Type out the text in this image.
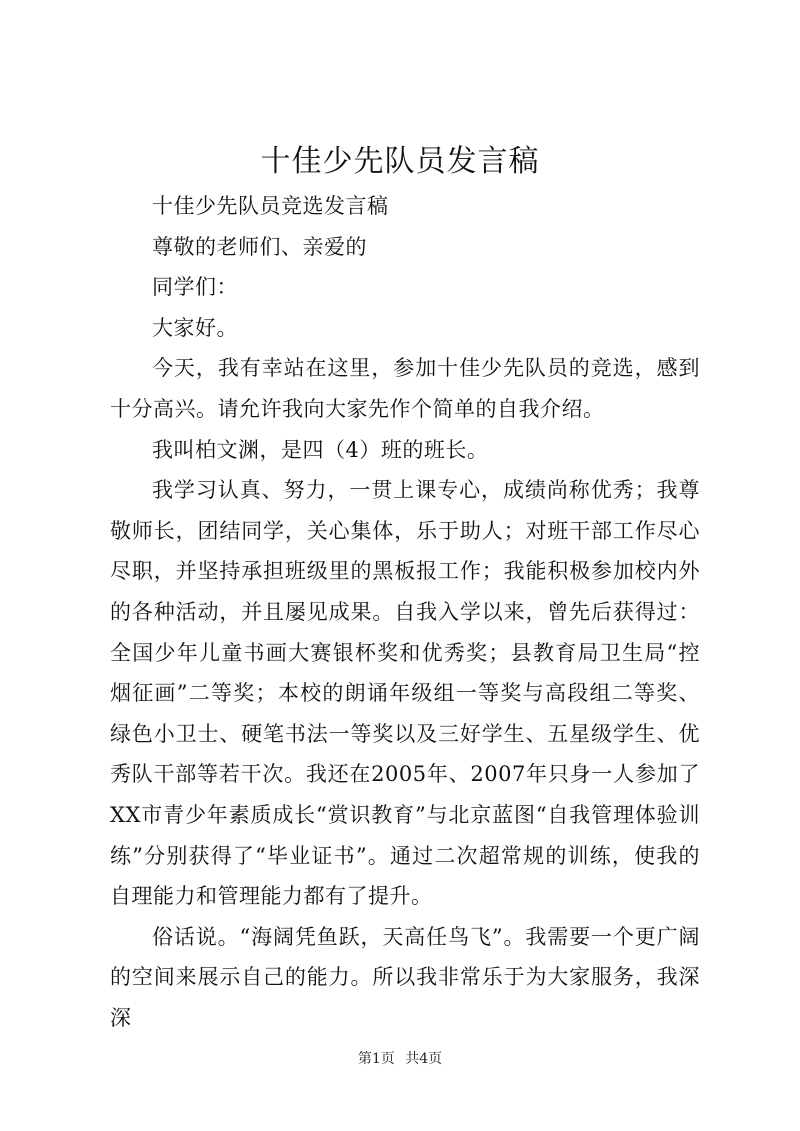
十佳少先队员发言稿

十佳少先队员竞选发言稿

尊敬的老师们、亲爱的

同学们：

大家好。

今天，我有幸站在这里，参加十佳少先队员的竞选，感到十分高兴。请允许我向大家先作个简单的自我介绍。

我叫柏文渊，是四（4）班的班长。

我学习认真、努力，一贯上课专心，成绩尚称优秀；我尊敬师长，团结同学，关心集体，乐于助人；对班干部工作尽心尽职，并坚持承担班级里的黑板报工作；我能积极参加校内外的各种活动，并且屡见成果。自我入学以来，曾先后获得过：全国少年儿童书画大赛银杯奖和优秀奖；县教育局卫生局“控烟征画”二等奖；本校的朗诵年级组一等奖与高段组二等奖、绿色小卫士、硬笔书法一等奖以及三好学生、五星级学生、优秀队干部等若干次。我还在2005年、2007年只身一人参加了XX市青少年素质成长“赏识教育”与北京蓝图“自我管理体验训练”分别获得了“毕业证书”。通过二次超常规的训练，使我的自理能力和管理能力都有了提升。

俗话说。“海阔凭鱼跃，天高任鸟飞”。我需要一个更广阔的空间来展示自己的能力。所以我非常乐于为大家服务，我深深

第1页 共4页
